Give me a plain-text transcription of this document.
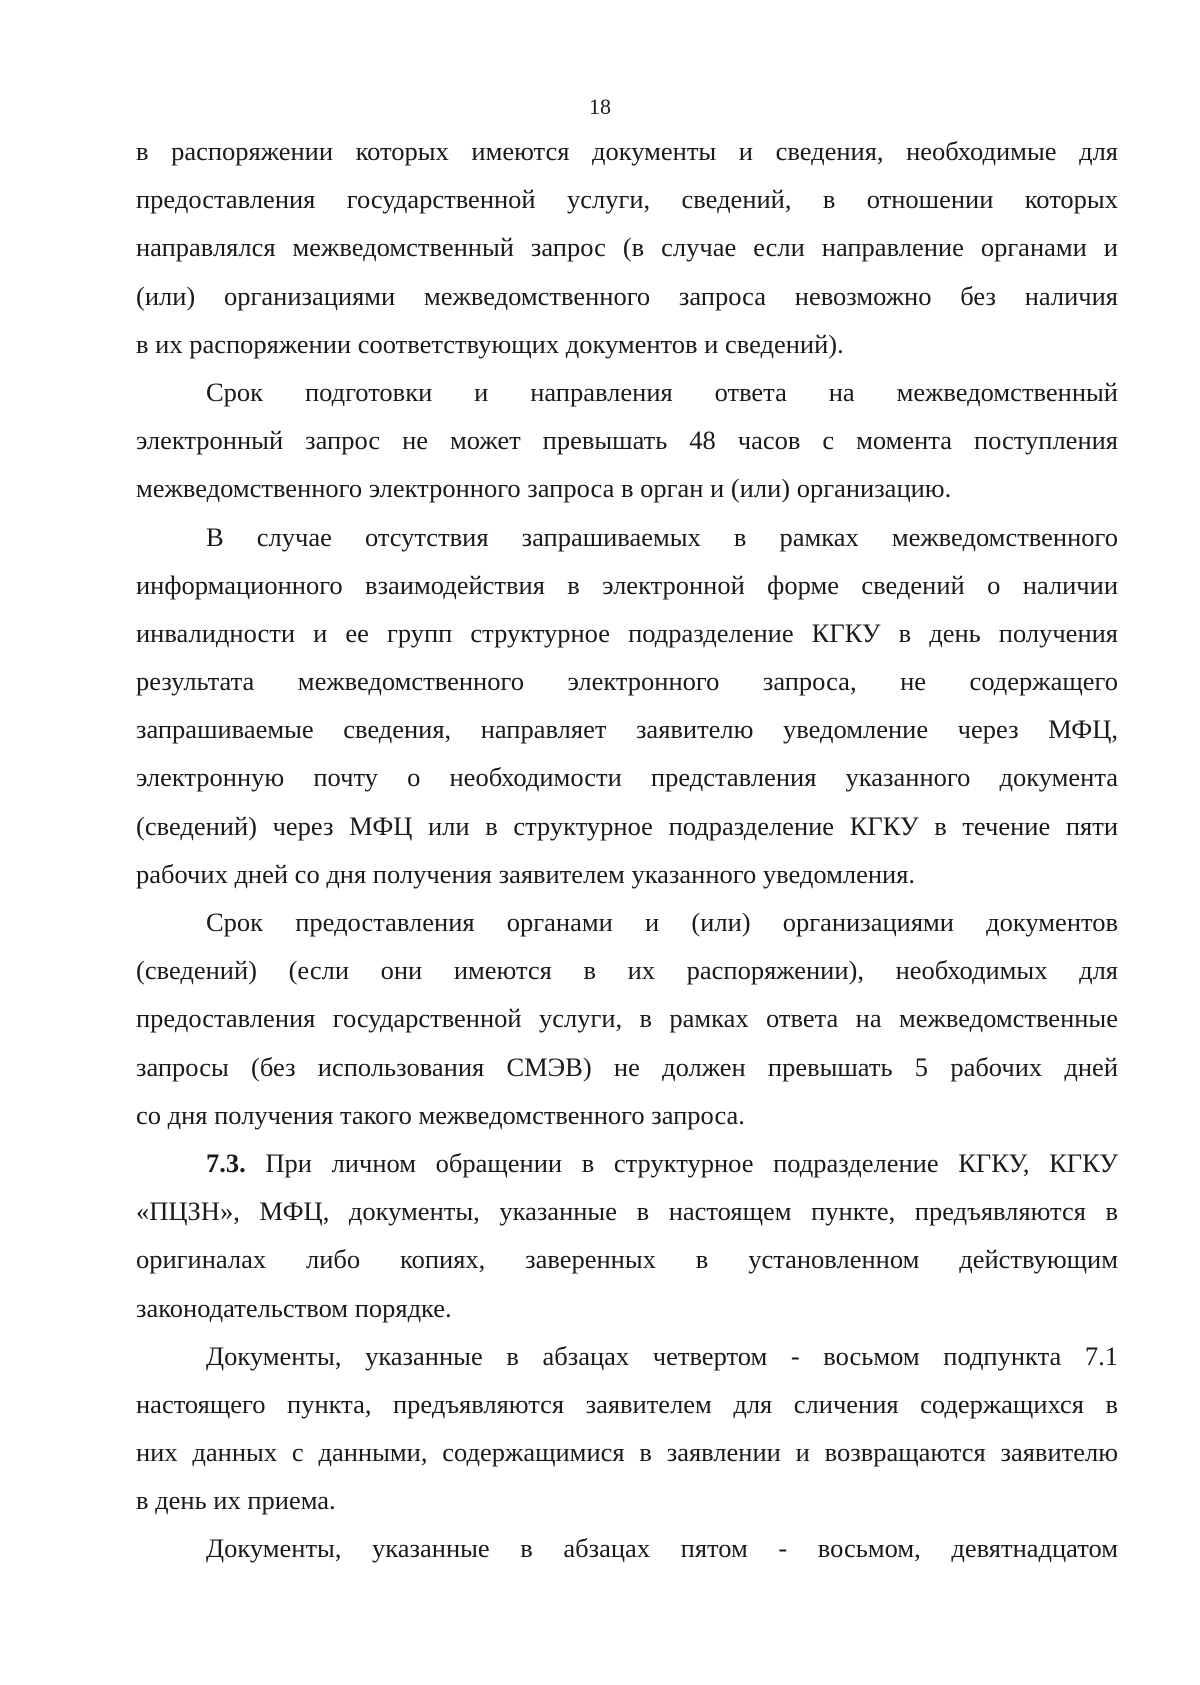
18
в распоряжении которых имеются документы и сведения, необходимые для
предоставления государственной услуги, сведений, в отношении которых
направлялся межведомственный запрос (в случае если направление органами и
(или) организациями межведомственного запроса невозможно без наличия
в их распоряжении соответствующих документов и сведений).
Срок подготовки и направления ответа на межведомственный
электронный запрос не может превышать 48 часов с момента поступления
межведомственного электронного запроса в орган и (или) организацию.
В случае отсутствия запрашиваемых в рамках межведомственного
информационного взаимодействия в электронной форме сведений о наличии
инвалидности и ее групп структурное подразделение КГКУ в день получения
результата межведомственного электронного запроса, не содержащего
запрашиваемые сведения, направляет заявителю уведомление через МФЦ,
электронную почту о необходимости представления указанного документа
(сведений) через МФЦ или в структурное подразделение КГКУ в течение пяти
рабочих дней со дня получения заявителем указанного уведомления.
Срок предоставления органами и (или) организациями документов
(сведений) (если они имеются в их распоряжении), необходимых для
предоставления государственной услуги, в рамках ответа на межведомственные
запросы (без использования СМЭВ) не должен превышать 5 рабочих дней
со дня получения такого межведомственного запроса.
7.3. При личном обращении в структурное подразделение КГКУ, КГКУ
«ПЦЗН», МФЦ, документы, указанные в настоящем пункте, предъявляются в
оригиналах либо копиях, заверенных в установленном действующим
законодательством порядке.
Документы, указанные в абзацах четвертом - восьмом подпункта 7.1
настоящего пункта, предъявляются заявителем для сличения содержащихся в
них данных с данными, содержащимися в заявлении и возвращаются заявителю
в день их приема.
Документы, указанные в абзацах пятом - восьмом, девятнадцатом
